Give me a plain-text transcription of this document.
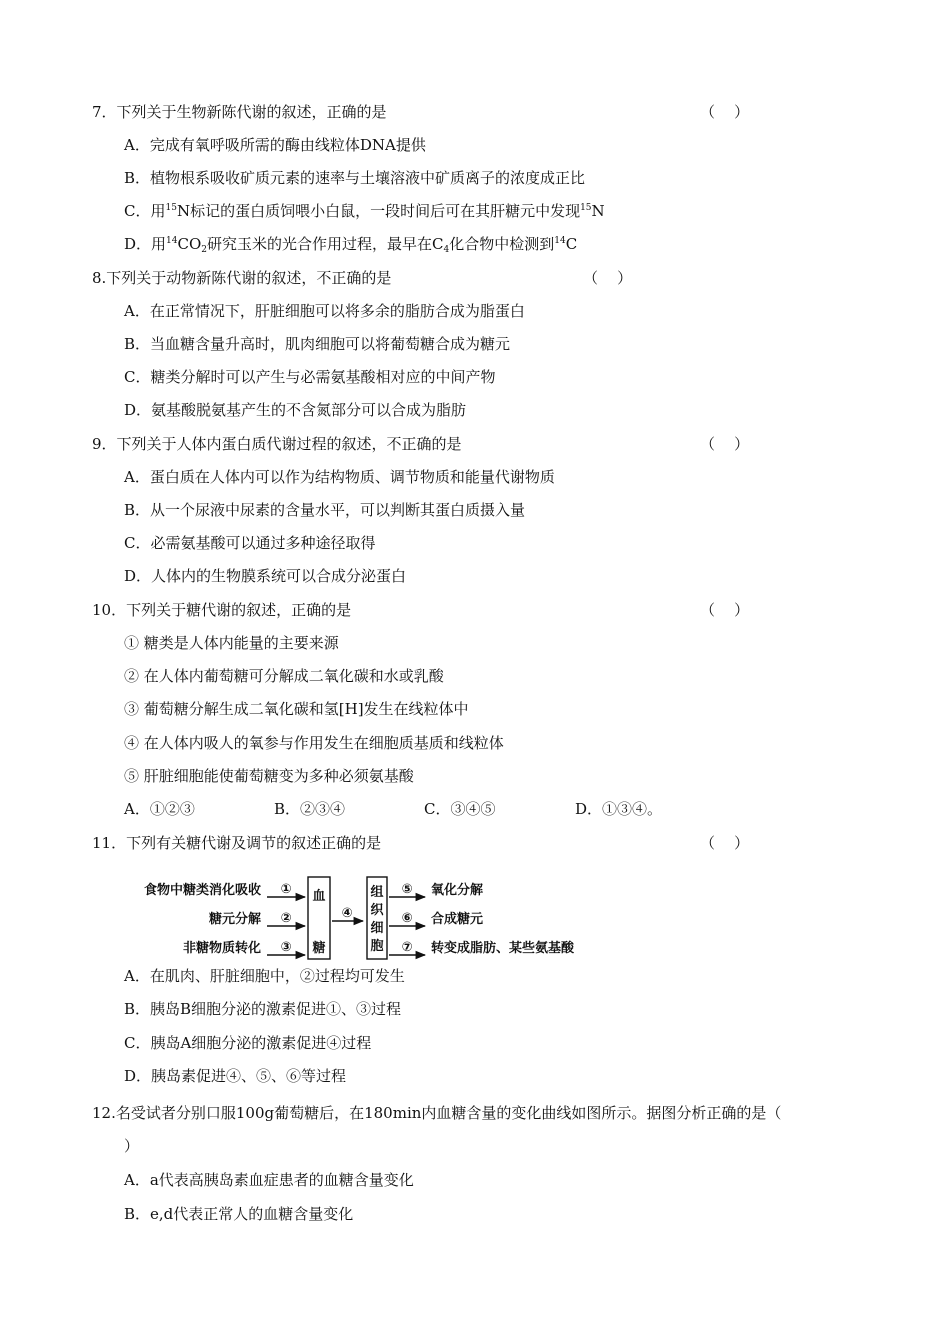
7．下列关于生物新陈代谢的叙述，正确的是	（    ）
A．完成有氧呼吸所需的酶由线粒体DNA提供
B．植物根系吸收矿质元素的速率与土壤溶液中矿质离子的浓度成正比
C．用$^{15}$N标记的蛋白质饲喂小白鼠，一段时间后可在其肝糖元中发现$^{15}$N
D．用$^{14}CO_2$研究玉米的光合作用过程，最早在$C_4$化合物中检测到$^{14}$C
8.下列关于动物新陈代谢的叙述，不正确的是	（    ）
A．在正常情况下，肝脏细胞可以将多余的脂肪合成为脂蛋白
B．当血糖含量升高时，肌肉细胞可以将葡萄糖合成为糖元
C．糖类分解时可以产生与必需氨基酸相对应的中间产物
D．氨基酸脱氨基产生的不含氮部分可以合成为脂肪
9．下列关于人体内蛋白质代谢过程的叙述，不正确的是	（    ）
A．蛋白质在人体内可以作为结构物质、调节物质和能量代谢物质
B．从一个尿液中尿素的含量水平，可以判断其蛋白质摄入量
C．必需氨基酸可以通过多种途径取得
D．人体内的生物膜系统可以合成分泌蛋白
10．下列关于糖代谢的叙述，正确的是	（    ）
① 糖类是人体内能量的主要来源
② 在人体内葡萄糖可分解成二氧化碳和水或乳酸
③ 葡萄糖分解生成二氧化碳和氢[H]发生在线粒体中
④ 在人体内吸人的氧参与作用发生在细胞质基质和线粒体
⑤ 肝脏细胞能使葡萄糖变为多种必须氨基酸
A．①②③	B．②③④	C．③④⑤	D．①③④。
11．下列有关糖代谢及调节的叙述正确的是	（    ）
食物中糖类消化吸收
糖元分解
非糖物质转化
①
②
③
血
糖
④
组
织
细
胞
⑤
⑥
⑦
氧化分解
合成糖元
转变成脂肪、某些氨基酸
A．在肌肉、肝脏细胞中，②过程均可发生
B．胰岛B细胞分泌的激素促进①、③过程
C．胰岛A细胞分泌的激素促进④过程
D．胰岛素促进④、⑤、⑥等过程
12.名受试者分别口服100g葡萄糖后，在180min内血糖含量的变化曲线如图所示。据图分析正确的是（
）
A．a代表高胰岛素血症患者的血糖含量变化
B．e,d代表正常人的血糖含量变化
